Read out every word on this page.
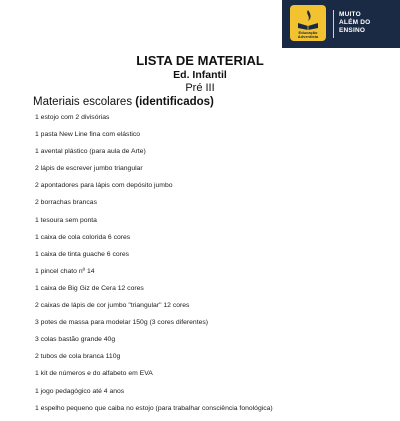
Educação Adventista
MUITO
ALÉM DO
ENSINO
LISTA DE MATERIAL
Ed. Infantil
Pré III
Materiais escolares (identificados)
1 estojo com 2 divisórias
1 pasta New Line fina com elástico
1 avental plástico (para aula de Arte)
2 lápis de escrever jumbo triangular
2 apontadores para lápis com depósito jumbo
2 borrachas brancas
1 tesoura sem ponta
1 caixa de cola colorida 6 cores
1 caixa de tinta guache 6 cores
1 pincel chato nº 14
1 caixa de Big Giz de Cera 12 cores
2 caixas de lápis de cor jumbo "triangular" 12 cores
3 potes de massa para modelar 150g (3 cores diferentes)
3 colas bastão grande 40g
2 tubos de cola branca 110g
1 kit de números e do alfabeto em EVA
1 jogo pedagógico até 4 anos
1 espelho pequeno que caiba no estojo (para trabalhar consciência fonológica)
